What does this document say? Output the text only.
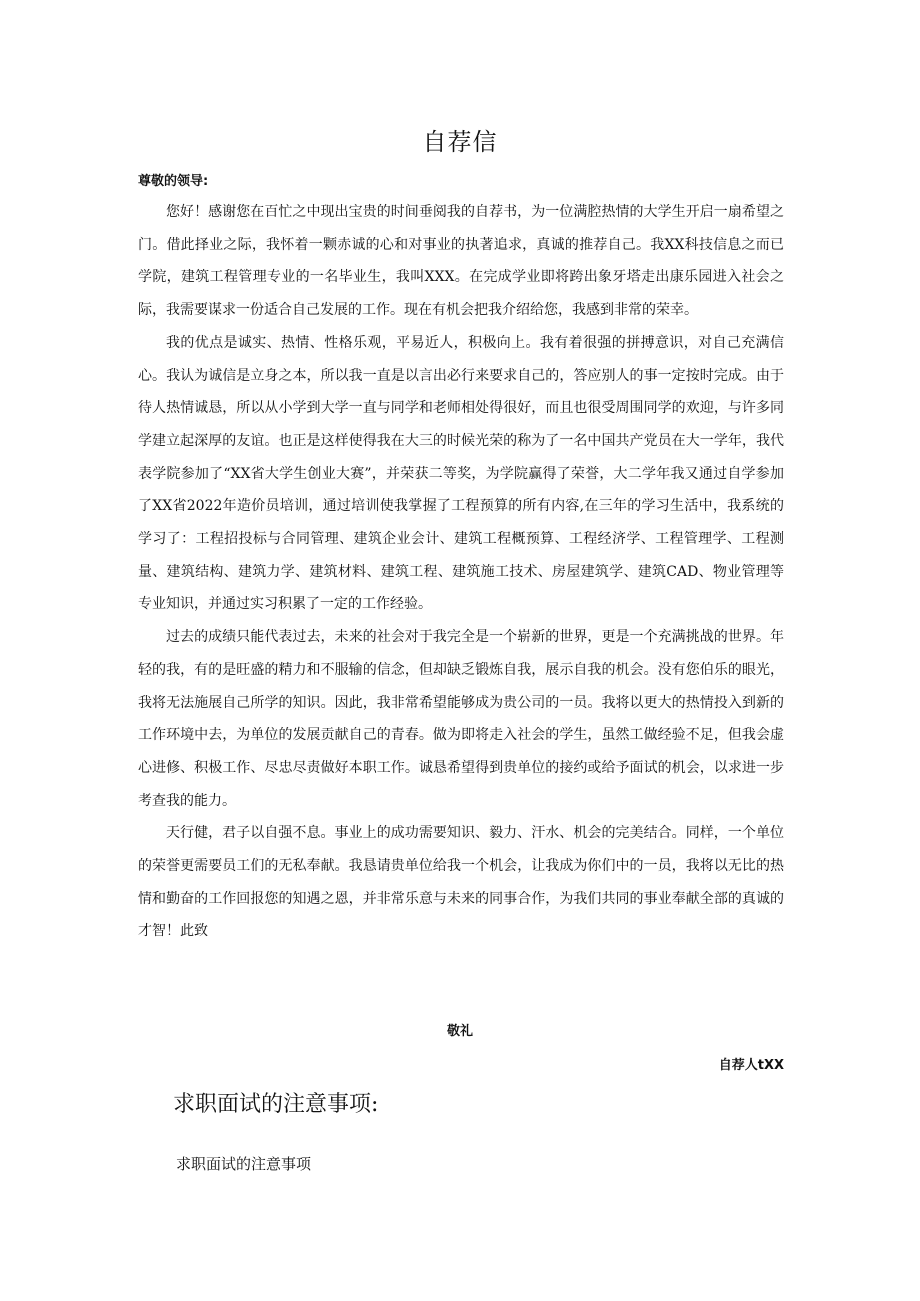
自荐信
尊敬的领导:

您好！感谢您在百忙之中现出宝贵的时间垂阅我的自荐书，为一位满腔热情的大学生开启一扇希望之门。借此择业之际，我怀着一颗赤诚的心和对事业的执著追求，真诚的推荐自己。我XX科技信息之而已学院，建筑工程管理专业的一名毕业生，我叫XXX。在完成学业即将跨出象牙塔走出康乐园进入社会之际，我需要谋求一份适合自己发展的工作。现在有机会把我介绍给您，我感到非常的荣幸。

我的优点是诚实、热情、性格乐观，平易近人，积极向上。我有着很强的拼搏意识，对自己充满信心。我认为诚信是立身之本，所以我一直是以言出必行来要求自己的，答应别人的事一定按时完成。由于待人热情诚恳，所以从小学到大学一直与同学和老师相处得很好，而且也很受周围同学的欢迎，与许多同学建立起深厚的友谊。也正是这样使得我在大三的时候光荣的称为了一名中国共产党员在大一学年，我代表学院参加了“XX省大学生创业大赛”，并荣获二等奖，为学院赢得了荣誉，大二学年我又通过自学参加了XX省2022年造价员培训，通过培训使我掌握了工程预算的所有内容,在三年的学习生活中，我系统的学习了：工程招投标与合同管理、建筑企业会计、建筑工程概预算、工程经济学、工程管理学、工程测量、建筑结构、建筑力学、建筑材料、建筑工程、建筑施工技术、房屋建筑学、建筑CAD、物业管理等专业知识，并通过实习积累了一定的工作经验。

过去的成绩只能代表过去，未来的社会对于我完全是一个崭新的世界，更是一个充满挑战的世界。年轻的我，有的是旺盛的精力和不服输的信念，但却缺乏锻炼自我，展示自我的机会。没有您伯乐的眼光，我将无法施展自己所学的知识。因此，我非常希望能够成为贵公司的一员。我将以更大的热情投入到新的工作环境中去，为单位的发展贡献自己的青春。做为即将走入社会的学生，虽然工做经验不足，但我会虚心进修、积极工作、尽忠尽责做好本职工作。诚恳希望得到贵单位的接约或给予面试的机会，以求进一步考查我的能力。

天行健，君子以自强不息。事业上的成功需要知识、毅力、汗水、机会的完美结合。同样，一个单位的荣誉更需要员工们的无私奉献。我恳请贵单位给我一个机会，让我成为你们中的一员，我将以无比的热情和勤奋的工作回报您的知遇之恩，并非常乐意与未来的同事合作，为我们共同的事业奉献全部的真诚的才智！此致

敬礼
自荐人tXX
求职面试的注意事项:
求职面试的注意事项
